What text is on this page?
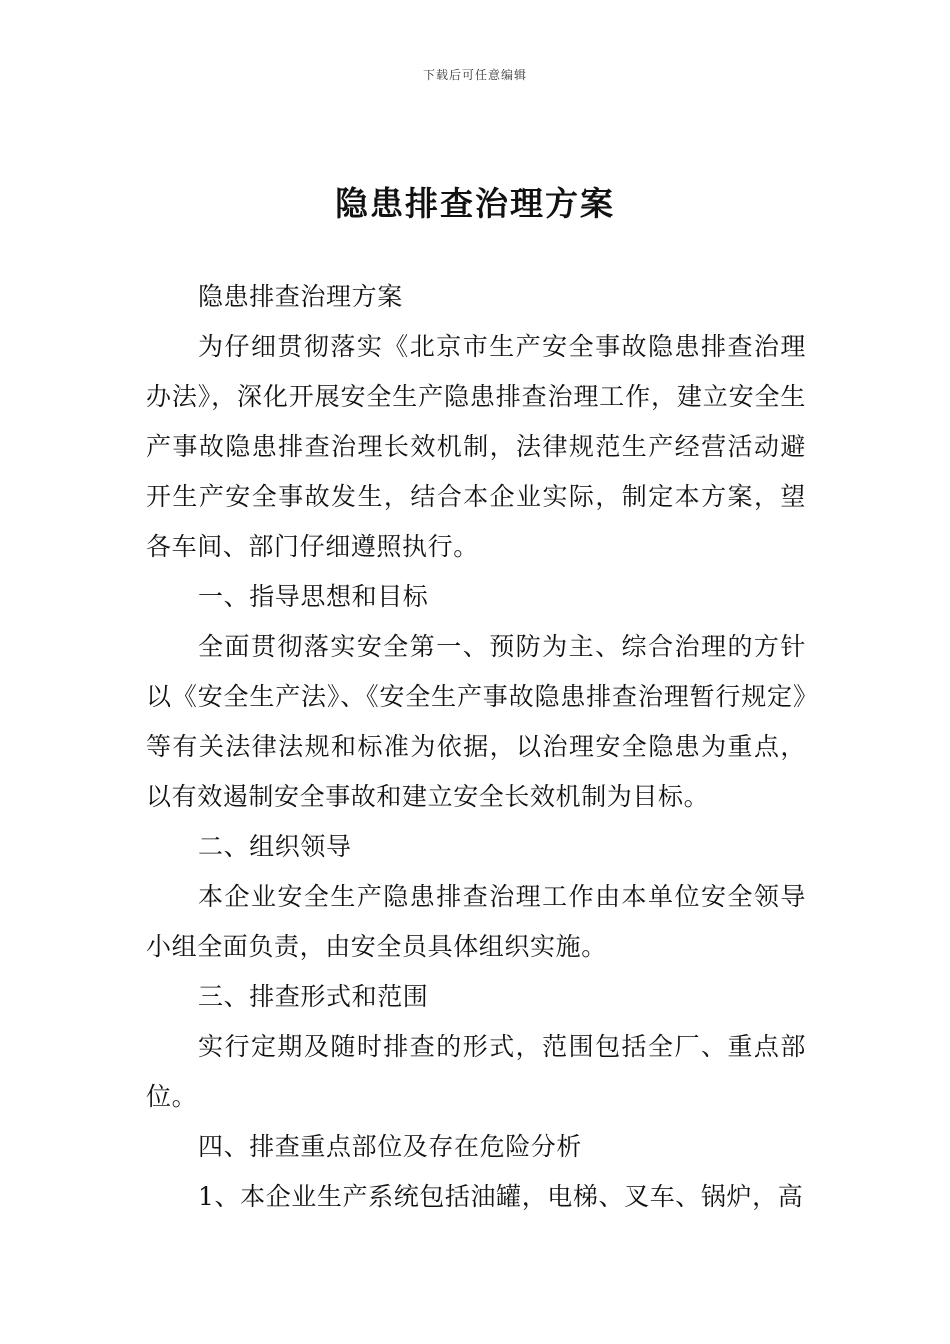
下载后可任意编辑
隐患排查治理方案

隐患排查治理方案

为仔细贯彻落实《北京市生产安全事故隐患排查治理办法》，深化开展安全生产隐患排查治理工作，建立安全生产事故隐患排查治理长效机制，法律规范生产经营活动避开生产安全事故发生，结合本企业实际，制定本方案，望各车间、部门仔细遵照执行。

一、指导思想和目标

全面贯彻落实安全第一、预防为主、综合治理的方针以《安全生产法》、《安全生产事故隐患排查治理暂行规定》等有关法律法规和标准为依据，以治理安全隐患为重点，以有效遏制安全事故和建立安全长效机制为目标。

二、组织领导

本企业安全生产隐患排查治理工作由本单位安全领导小组全面负责，由安全员具体组织实施。

三、排查形式和范围

实行定期及随时排查的形式，范围包括全厂、重点部位。

四、排查重点部位及存在危险分析

1、本企业生产系统包括油罐，电梯、叉车、锅炉，高
